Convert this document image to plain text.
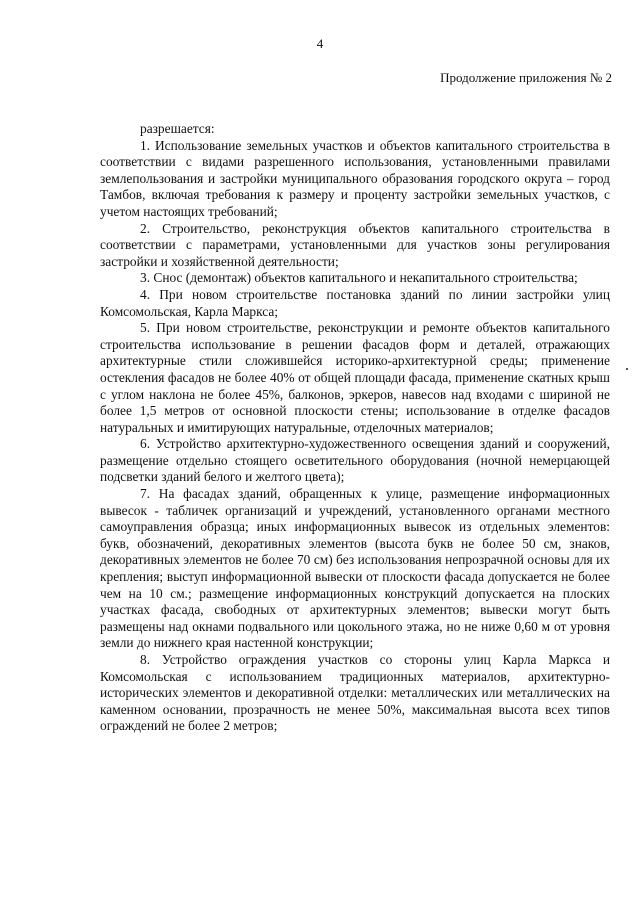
4
Продолжение приложения № 2

разрешается:

1. Использование земельных участков и объектов капитального строительства в соответствии с видами разрешенного использования, установленными правилами землепользования и застройки муниципального образования городского округа – город Тамбов, включая требования к размеру и проценту застройки земельных участков, с учетом настоящих требований;

2. Строительство, реконструкция объектов капитального строительства в соответствии с параметрами, установленными для участков зоны регулирования застройки и хозяйственной деятельности;

3. Снос (демонтаж) объектов капитального и некапитального строительства;

4. При новом строительстве постановка зданий по линии застройки улиц Комсомольская, Карла Маркса;

5. При новом строительстве, реконструкции и ремонте объектов капитального строительства использование в решении фасадов форм и деталей, отражающих архитектурные стили сложившейся историко-архитектурной среды; применение остекления фасадов не более 40% от общей площади фасада, применение скатных крыш с углом наклона не более 45%, балконов, эркеров, навесов над входами с шириной не более 1,5 метров от основной плоскости стены; использование в отделке фасадов натуральных и имитирующих натуральные, отделочных материалов;

6. Устройство архитектурно-художественного освещения зданий и сооружений, размещение отдельно стоящего осветительного оборудования (ночной немерцающей подсветки зданий белого и желтого цвета);

7. На фасадах зданий, обращенных к улице, размещение информационных вывесок - табличек организаций и учреждений, установленного органами местного самоуправления образца; иных информационных вывесок из отдельных элементов: букв, обозначений, декоративных элементов (высота букв не более 50 см, знаков, декоративных элементов не более 70 см) без использования непрозрачной основы для их крепления; выступ информационной вывески от плоскости фасада допускается не более чем на 10 см.; размещение информационных конструкций допускается на плоских участках фасада, свободных от архитектурных элементов; вывески могут быть размещены над окнами подвального или цокольного этажа, но не ниже 0,60 м от уровня земли до нижнего края настенной конструкции;

8. Устройство ограждения участков со стороны улиц Карла Маркса и Комсомольская с использованием традиционных материалов, архитектурно-исторических элементов и декоративной отделки: металлических или металлических на каменном основании, прозрачность не менее 50%, максимальная высота всех типов ограждений не более 2 метров;
